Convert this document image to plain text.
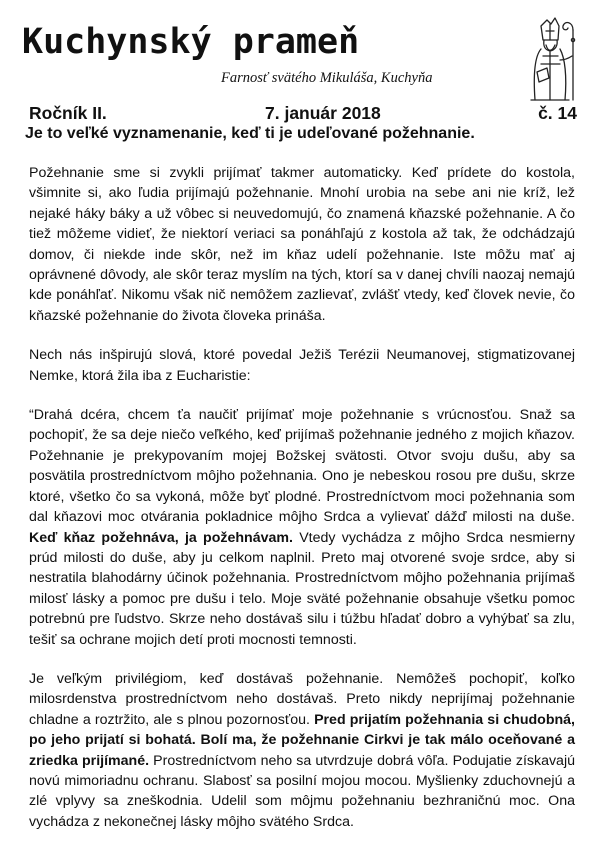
Kuchynský prameň
Farnosť svätého Mikuláša, Kuchyňa
Ročník II.	7. január 2018	č. 14
Je to veľké vyznamenanie, keď ti je udeľované požehnanie.

Požehnanie sme si zvykli prijímať takmer automaticky. Keď prídete do kostola, všimnite si, ako ľudia prijímajú požehnanie. Mnohí urobia na sebe ani nie kríž, lež nejaké háky báky a už vôbec si neuvedomujú, čo znamená kňazské požehnanie. A čo tiež môžeme vidieť, že niektorí veriaci sa ponáhľajú z kostola až tak, že odchádzajú domov, či niekde inde skôr, než im kňaz udelí požehnanie. Iste môžu mať aj oprávnené dôvody, ale skôr teraz myslím na tých, ktorí sa v danej chvíli naozaj nemajú kde ponáhľať. Nikomu však nič nemôžem zazlievať, zvlášť vtedy, keď človek nevie, čo kňazské požehnanie do života človeka prináša.

Nech nás inšpirujú slová, ktoré povedal Ježiš Terézii Neumanovej, stigmatizovanej Nemke, ktorá žila iba z Eucharistie:

“Drahá dcéra, chcem ťa naučiť prijímať moje požehnanie s vrúcnosťou. Snaž sa pochopiť, že sa deje niečo veľkého, keď prijímaš požehnanie jedného z mojich kňazov. Požehnanie je prekypovaním mojej Božskej svätosti. Otvor svoju dušu, aby sa posvätila prostredníctvom môjho požehnania. Ono je nebeskou rosou pre dušu, skrze ktoré, všetko čo sa vykoná, môže byť plodné. Prostredníctvom moci požehnania som dal kňazovi moc otvárania pokladnice môjho Srdca a vylievať dážď milosti na duše. Keď kňaz požehnáva, ja požehnávam. Vtedy vychádza z môjho Srdca nesmierny prúd milosti do duše, aby ju celkom naplnil. Preto maj otvorené svoje srdce, aby si nestratila blahodárny účinok požehnania. Prostredníctvom môjho požehnania prijímaš milosť lásky a pomoc pre dušu i telo. Moje sväté požehnanie obsahuje všetku pomoc potrebnú pre ľudstvo. Skrze neho dostávaš silu i túžbu hľadať dobro a vyhýbať sa zlu, tešiť sa ochrane mojich detí proti mocnosti temnosti.

Je veľkým privilégiom, keď dostávaš požehnanie. Nemôžeš pochopiť, koľko milosrdenstva prostredníctvom neho dostávaš. Preto nikdy neprijímaj požehnanie chladne a roztržito, ale s plnou pozornosťou. Pred prijatím požehnania si chudobná, po jeho prijatí si bohatá. Bolí ma, že požehnanie Cirkvi je tak málo oceňované a zriedka prijímané. Prostredníctvom neho sa utvrdzuje dobrá vôľa. Podujatie získavajú novú mimoriadnu ochranu. Slabosť sa posilní mojou mocou. Myšlienky zduchovnejú a zlé vplyvy sa zneškodnia. Udelil som môjmu požehnaniu bezhraničnú moc. Ona vychádza z nekonečnej lásky môjho svätého Srdca.
